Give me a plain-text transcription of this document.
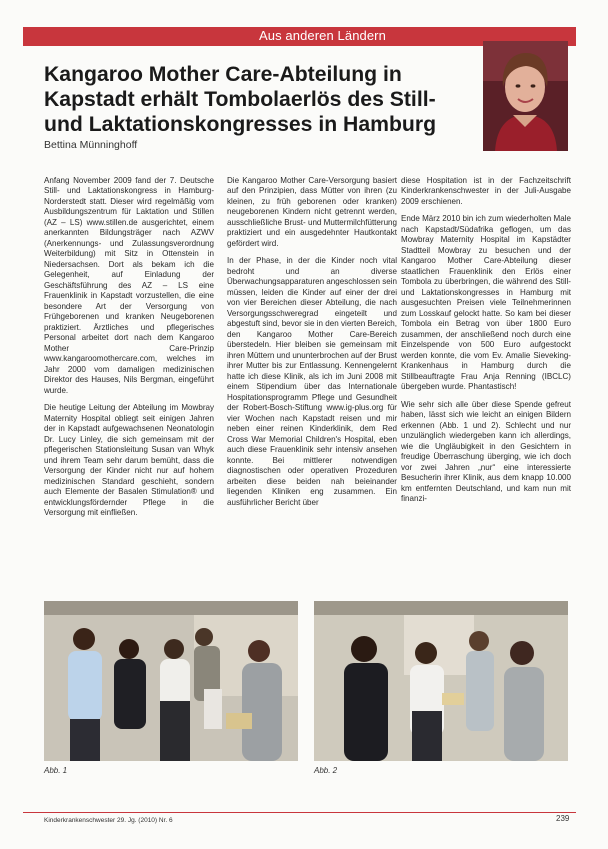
Aus anderen Ländern
Kangaroo Mother Care-Abteilung in Kapstadt erhält Tombolaerlös des Still- und Laktationskongresses in Hamburg
Bettina Münninghoff

Anfang November 2009 fand der 7. Deutsche Still- und Laktationskongress in Hamburg-Norderstedt statt. Dieser wird regelmäßig vom Ausbildungszentrum für Laktation und Stillen (AZ – LS) www.stillen.de ausgerichtet, einem anerkannten Bildungsträger nach AZWV (Anerkennungs- und Zulassungsverordnung Weiterbildung) mit Sitz in Ottenstein in Niedersachsen. Dort als bekam ich die Gelegenheit, auf Einladung der Geschäftsführung des AZ – LS eine Frauenklinik in Kapstadt vorzustellen, die eine besondere Art der Versorgung von Frühgeborenen und kranken Neugeborenen praktiziert. Ärztliches und pflegerisches Personal arbeitet dort nach dem Kangaroo Mother Care-Prinzip www.kangaroomothercare.com, welches im Jahr 2000 vom damaligen medizinischen Direktor des Hauses, Nils Bergman, eingeführt wurde.

Die heutige Leitung der Abteilung im Mowbray Maternity Hospital obliegt seit einigen Jahren der in Kapstadt aufgewachsenen Neonatologin Dr. Lucy Linley, die sich gemeinsam mit der pflegerischen Stationsleitung Susan van Whyk und ihrem Team sehr darum bemüht, dass die Versorgung der Kinder nicht nur auf hohem medizinischen Standard geschieht, sondern auch Elemente der Basalen Stimulation® und entwicklungsfördernder Pflege in die Versorgung mit einfließen.

Die Kangaroo Mother Care-Versorgung basiert auf den Prinzipien, dass Mütter von ihren (zu kleinen, zu früh geborenen oder kranken) neugeborenen Kindern nicht getrennt werden, ausschließliche Brust- und Muttermilchfütterung praktiziert und ein ausgedehnter Hautkontakt gefördert wird.

In der Phase, in der die Kinder noch vital bedroht und an diverse Überwachungsapparaturen angeschlossen sein müssen, leiden die Kinder auf einer der drei von vier Bereichen dieser Abteilung, die nach Versorgungsschweregrad eingeteilt und abgestuft sind, bevor sie in den vierten Bereich, den Kangaroo Mother Care-Bereich überstedeln. Hier bleiben sie gemeinsam mit ihren Müttern und ununterbrochen auf der Brust ihrer Mutter bis zur Entlassung. Kennengelernt hatte ich diese Klinik, als ich im Juni 2008 mit einem Stipendium über das Internationale Hospitationsprogramm Pflege und Gesundheit der Robert-Bosch-Stiftung www.ig-plus.org für vier Wochen nach Kapstadt reisen und mir neben einer reinen Kinderklinik, dem Red Cross War Memorial Children's Hospital, eben auch diese Frauenklinik sehr intensiv ansehen konnte. Bei mittlerer notwendigen diagnostischen oder operativen Prozeduren arbeiten diese beiden nah beieinander liegenden Kliniken eng zusammen. Ein ausführlicher Bericht über

diese Hospitation ist in der Fachzeitschrift Kinderkrankenschwester in der Juli-Ausgabe 2009 erschienen.

Ende März 2010 bin ich zum wiederholten Male nach Kapstadt/Südafrika geflogen, um das Mowbray Maternity Hospital im Kapstädter Stadtteil Mowbray zu besuchen und der Kangaroo Mother Care-Abteilung dieser staatlichen Frauenklinik den Erlös einer Tombola zu überbringen, die während des Still- und Laktationskongresses in Hamburg mit ausgesuchten Preisen viele Teilnehmerinnen zum Losskauf gelockt hatte. So kam bei dieser Tombola ein Betrag von über 1800 Euro zusammen, der anschließend noch durch eine Einzelspende von 500 Euro aufgestockt werden konnte, die vom Ev. Amalie Sieveking-Krankenhaus in Hamburg durch die Stillbeauftragte Frau Anja Renning (IBCLC) übergeben wurde. Phantastisch!

Wie sehr sich alle über diese Spende gefreut haben, lässt sich wie leicht an einigen Bildern erkennen (Abb. 1 und 2). Schlecht und nur unzulänglich wiedergeben kann ich allerdings, wie die Ungläubigkeit in den Gesichtern in freudige Überraschung überging, wie ich doch vor zwei Jahren „nur“ eine interessierte Besucherin ihrer Klinik, aus dem knapp 10.000 km entfernten Deutschland, und kam nun mit finanzi-

Abb. 1	Abb. 2
Kinderkrankenschwester 29. Jg. (2010) Nr. 6	239
